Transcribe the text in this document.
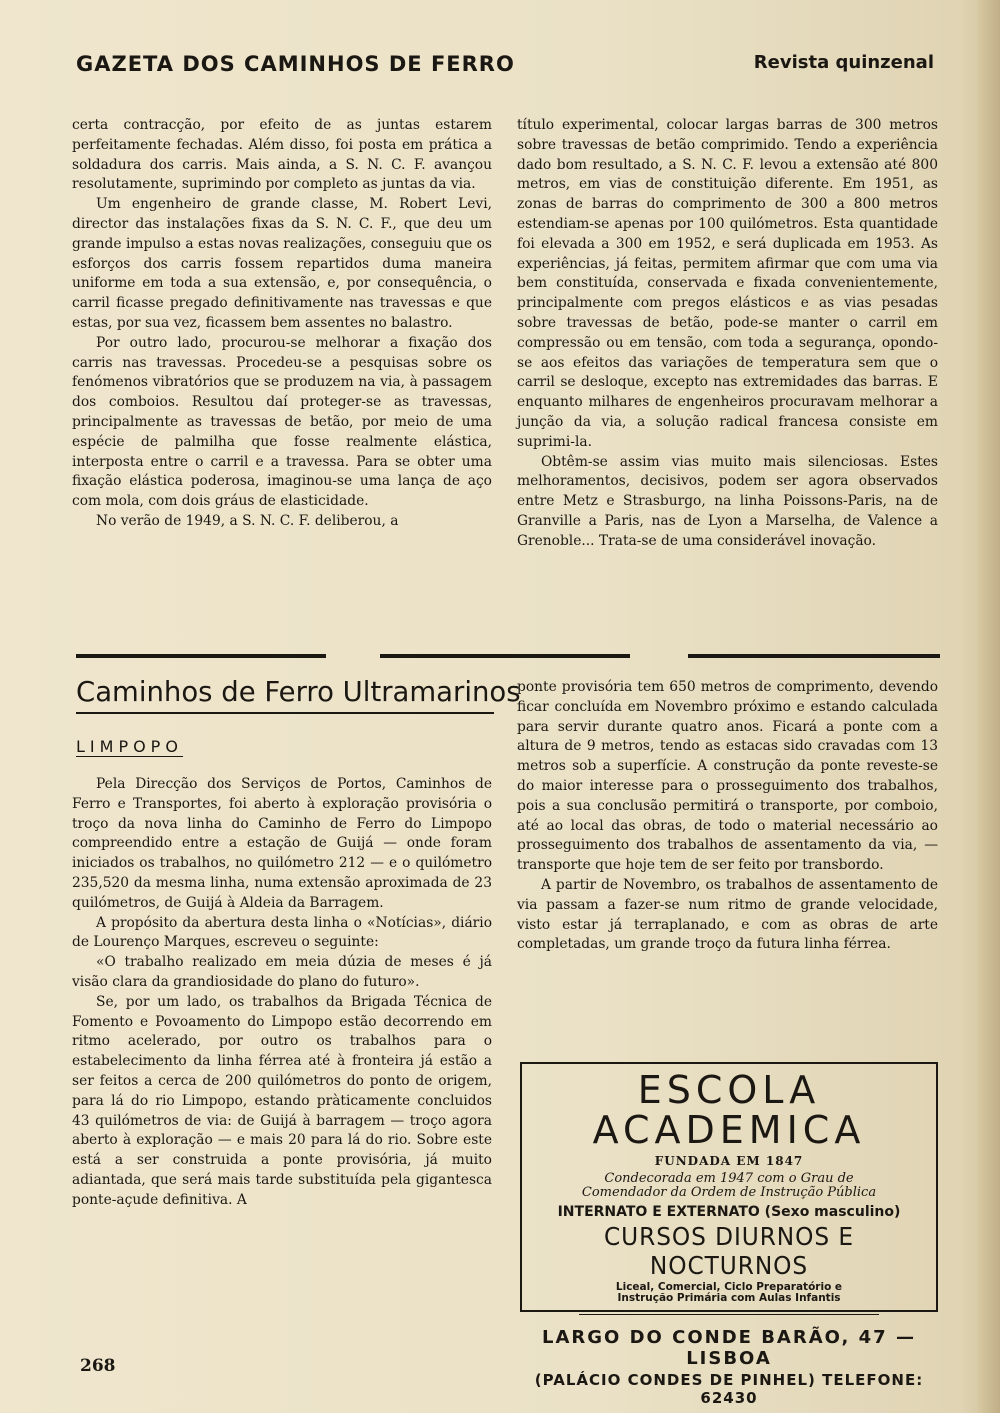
GAZETA DOS CAMINHOS DE FERRO	Revista quinzenal

certa contracção, por efeito de as juntas estarem perfeitamente fechadas. Além disso, foi posta em prática a soldadura dos carris. Mais ainda, a S. N. C. F. avançou resolutamente, suprimindo por completo as juntas da via.

Um engenheiro de grande classe, M. Robert Levi, director das instalações fixas da S. N. C. F., que deu um grande impulso a estas novas realizações, conseguiu que os esforços dos carris fossem repartidos duma maneira uniforme em toda a sua extensão, e, por consequência, o carril ficasse pregado definitivamente nas travessas e que estas, por sua vez, ficassem bem assentes no balastro.

Por outro lado, procurou-se melhorar a fixação dos carris nas travessas. Procedeu-se a pesquisas sobre os fenómenos vibratórios que se produzem na via, à passagem dos comboios. Resultou daí proteger-se as travessas, principalmente as travessas de betão, por meio de uma espécie de palmilha que fosse realmente elástica, interposta entre o carril e a travessa. Para se obter uma fixação elástica poderosa, imaginou-se uma lança de aço com mola, com dois gráus de elasticidade.

No verão de 1949, a S. N. C. F. deliberou, a

título experimental, colocar largas barras de 300 metros sobre travessas de betão comprimido. Tendo a experiência dado bom resultado, a S. N. C. F. levou a extensão até 800 metros, em vias de constituição diferente. Em 1951, as zonas de barras do comprimento de 300 a 800 metros estendiam-se apenas por 100 quilómetros. Esta quantidade foi elevada a 300 em 1952, e será duplicada em 1953. As experiências, já feitas, permitem afirmar que com uma via bem constituída, conservada e fixada convenientemente, principalmente com pregos elásticos e as vias pesadas sobre travessas de betão, pode-se manter o carril em compressão ou em tensão, com toda a segurança, opondo-se aos efeitos das variações de temperatura sem que o carril se desloque, excepto nas extremidades das barras. E enquanto milhares de engenheiros procuravam melhorar a junção da via, a solução radical francesa consiste em suprimi-la.

Obtêm-se assim vias muito mais silenciosas. Estes melhoramentos, decisivos, podem ser agora observados entre Metz e Strasburgo, na linha Poissons-Paris, na de Granville a Paris, nas de Lyon a Marselha, de Valence a Grenoble... Trata-se de uma considerável inovação.

Caminhos de Ferro Ultramarinos
LIMPOPO

Pela Direcção dos Serviços de Portos, Caminhos de Ferro e Transportes, foi aberto à exploração provisória o troço da nova linha do Caminho de Ferro do Limpopo compreendido entre a estação de Guijá — onde foram iniciados os trabalhos, no quilómetro 212 — e o quilómetro 235,520 da mesma linha, numa extensão aproximada de 23 quilómetros, de Guijá à Aldeia da Barragem.

A propósito da abertura desta linha o «Notícias», diário de Lourenço Marques, escreveu o seguinte:

«O trabalho realizado em meia dúzia de meses é já visão clara da grandiosidade do plano do futuro».

Se, por um lado, os trabalhos da Brigada Técnica de Fomento e Povoamento do Limpopo estão decorrendo em ritmo acelerado, por outro os trabalhos para o estabelecimento da linha férrea até à fronteira já estão a ser feitos a cerca de 200 quilómetros do ponto de origem, para lá do rio Limpopo, estando pràticamente concluidos 43 quilómetros de via: de Guijá à barragem — troço agora aberto à exploração — e mais 20 para lá do rio. Sobre este está a ser construida a ponte provisória, já muito adiantada, que será mais tarde substituída pela gigantesca ponte-açude definitiva. A

ponte provisória tem 650 metros de comprimento, devendo ficar concluída em Novembro próximo e estando calculada para servir durante quatro anos. Ficará a ponte com a altura de 9 metros, tendo as estacas sido cravadas com 13 metros sob a superfície. A construção da ponte reveste-se do maior interesse para o prosseguimento dos trabalhos, pois a sua conclusão permitirá o transporte, por comboio, até ao local das obras, de todo o material necessário ao prosseguimento dos trabalhos de assentamento da via, — transporte que hoje tem de ser feito por transbordo.

A partir de Novembro, os trabalhos de assentamento de via passam a fazer-se num ritmo de grande velocidade, visto estar já terraplanado, e com as obras de arte completadas, um grande troço da futura linha férrea.

ESCOLA ACADEMICA
FUNDADA EM 1847
Condecorada em 1947 com o Grau de Comendador da Ordem de Instrução Pública
INTERNATO E EXTERNATO (Sexo masculino)
CURSOS DIURNOS E NOCTURNOS
Liceal, Comercial, Ciclo Preparatório e Instrução Primária com Aulas Infantis
LARGO DO CONDE BARÃO, 47 — LISBOA
(PALÁCIO CONDES DE PINHEL) TELEFONE: 62430
268
